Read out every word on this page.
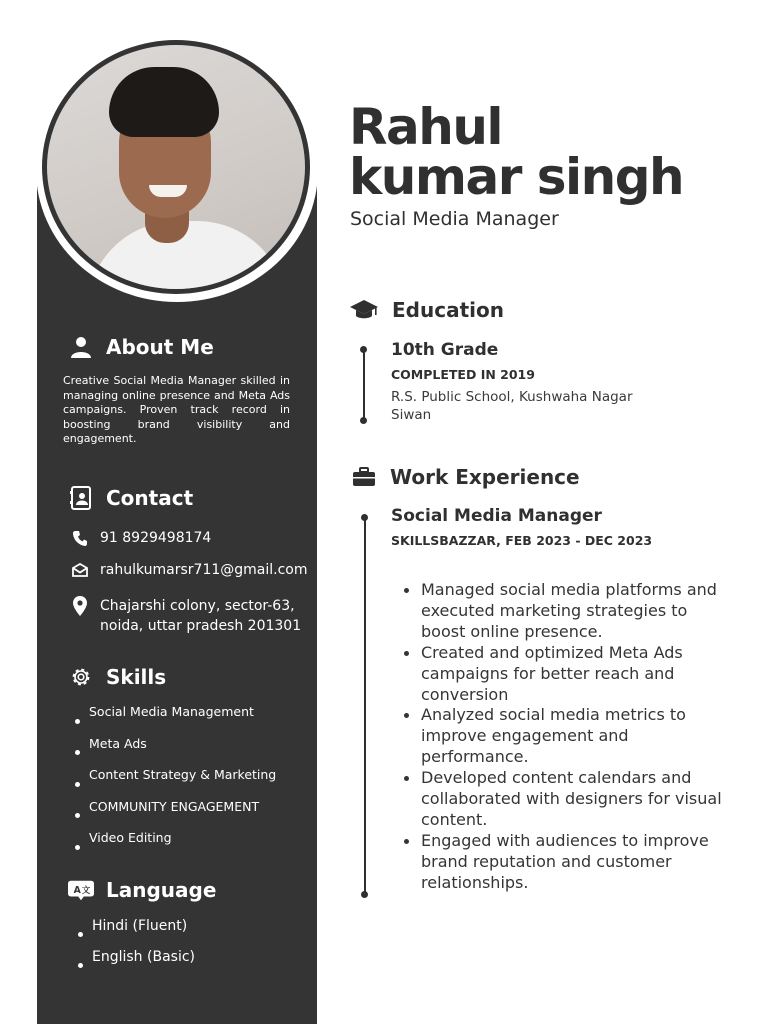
About Me

Creative Social Media Manager skilled in managing online presence and Meta Ads campaigns. Proven track record in boosting brand visibility and engagement.

Contact
91 8929498174
rahulkumarsr711@gmail.com
Chajarshi colony, sector-63,
noida, uttar pradesh 201301
Skills
Social Media Management
Meta Ads
Content Strategy & Marketing
COMMUNITY ENGAGEMENT
Video Editing
A 文 Language
Hindi (Fluent)
English (Basic)
Rahul
kumar singh
Social Media Manager
Education
10th Grade
COMPLETED IN 2019
R.S. Public School, Kushwaha Nagar
Siwan
Work Experience
Social Media Manager
SKILLSBAZZAR, FEB 2023 - DEC 2023
Managed social media platforms and executed marketing strategies to boost online presence.
Created and optimized Meta Ads campaigns for better reach and conversion
Analyzed social media metrics to improve engagement and performance.
Developed content calendars and collaborated with designers for visual content.
Engaged with audiences to improve brand reputation and customer relationships.
